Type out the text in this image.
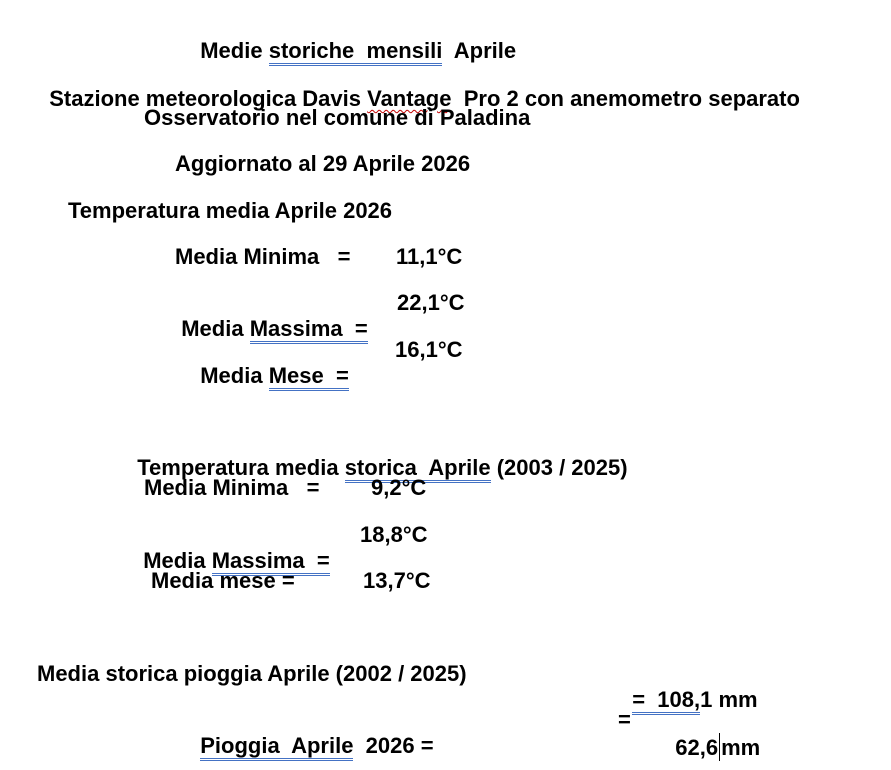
Medie storiche  mensili  Aprile

Stazione meteorologica Davis Vantage  Pro 2 con anemometro separato

Osservatorio nel comune di Paladina
Aggiornato al 29 Aprile 2026
Temperatura media Aprile 2026
Media Minima   = 11,1°C

Media Massima  =

22,1°C

Media Mese  =

16,1°C

Temperatura media storica  Aprile (2003 / 2025)

Media Minima   = 9,2°C

Media Massima  =

18,8°C
Media mese =	13,7°C
Media storica pioggia Aprile (2002 / 2025)

=  108,1 mm

Pioggia  Aprile  2026 =

=

62,6 mm
